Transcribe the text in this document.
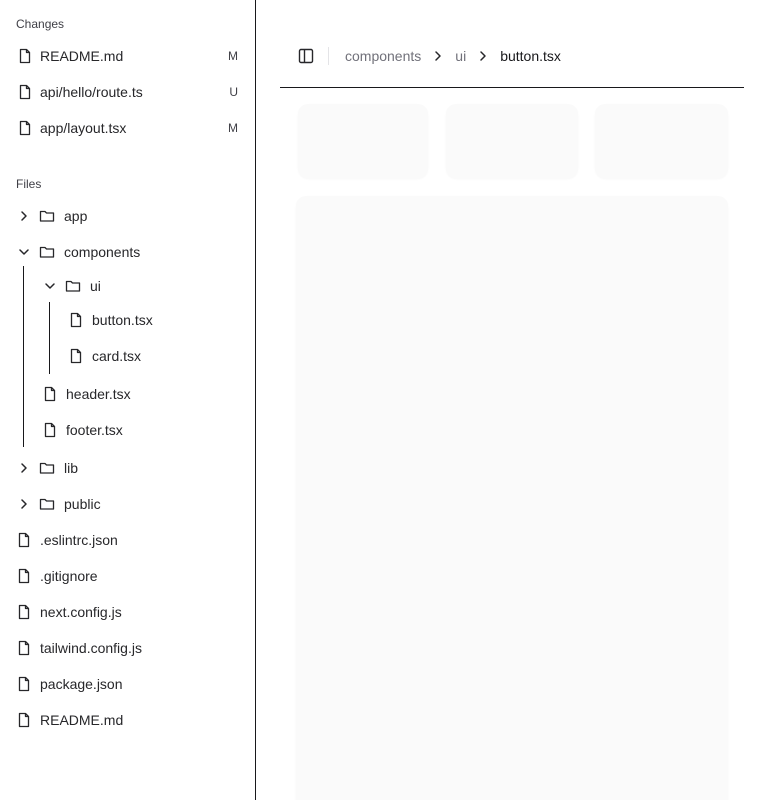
Changes
README.md	M
api/hello/route.ts	U
app/layout.tsx	M
Files
app
components
ui
button.tsx
card.tsx
header.tsx
footer.tsx
lib
public
.eslintrc.json
.gitignore
next.config.js
tailwind.config.js
package.json
README.md
components ui button.tsx
